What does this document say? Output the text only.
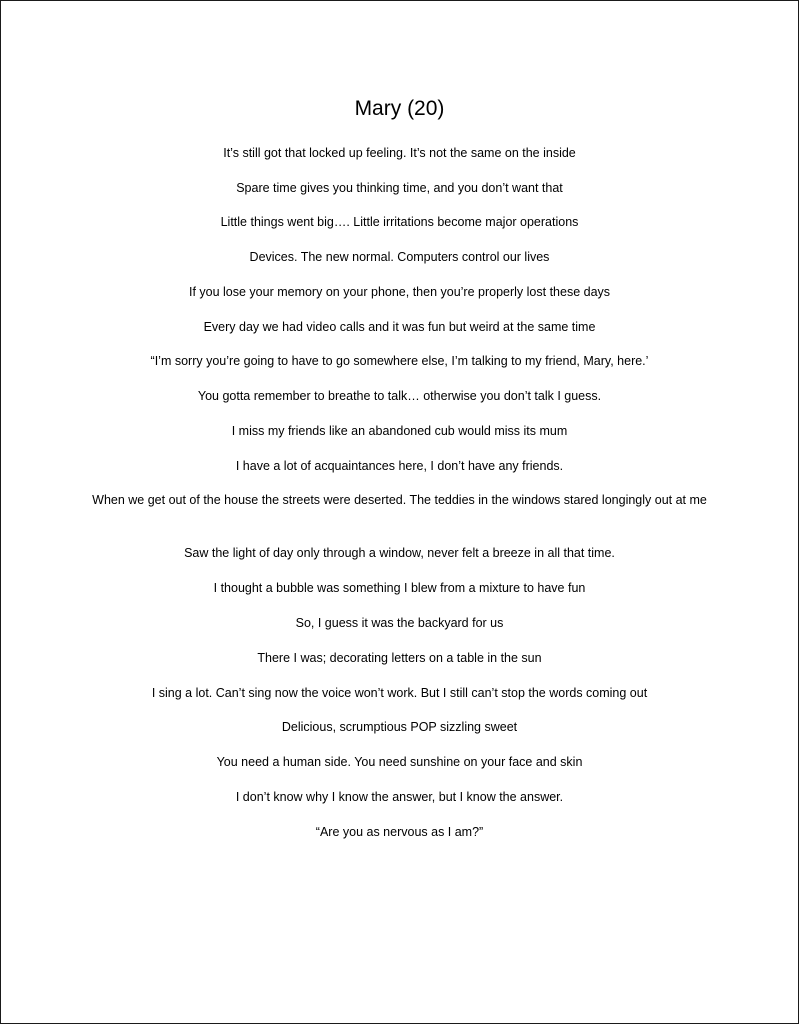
Mary (20)

It’s still got that locked up feeling. It’s not the same on the inside

Spare time gives you thinking time, and you don’t want that

Little things went big…. Little irritations become major operations

Devices. The new normal. Computers control our lives

If you lose your memory on your phone, then you’re properly lost these days

Every day we had video calls and it was fun but weird at the same time

“I’m sorry you’re going to have to go somewhere else, I’m talking to my friend, Mary, here.’

You gotta remember to breathe to talk… otherwise you don’t talk I guess.

I miss my friends like an abandoned cub would miss its mum

I have a lot of acquaintances here, I don’t have any friends.

When we get out of the house the streets were deserted. The teddies in the windows stared longingly out at me

Saw the light of day only through a window, never felt a breeze in all that time.

I thought a bubble was something I blew from a mixture to have fun

So, I guess it was the backyard for us

There I was; decorating letters on a table in the sun

I sing a lot. Can’t sing now the voice won’t work. But I still can’t stop the words coming out

Delicious, scrumptious POP sizzling sweet

You need a human side. You need sunshine on your face and skin

I don’t know why I know the answer, but I know the answer.

“Are you as nervous as I am?”
